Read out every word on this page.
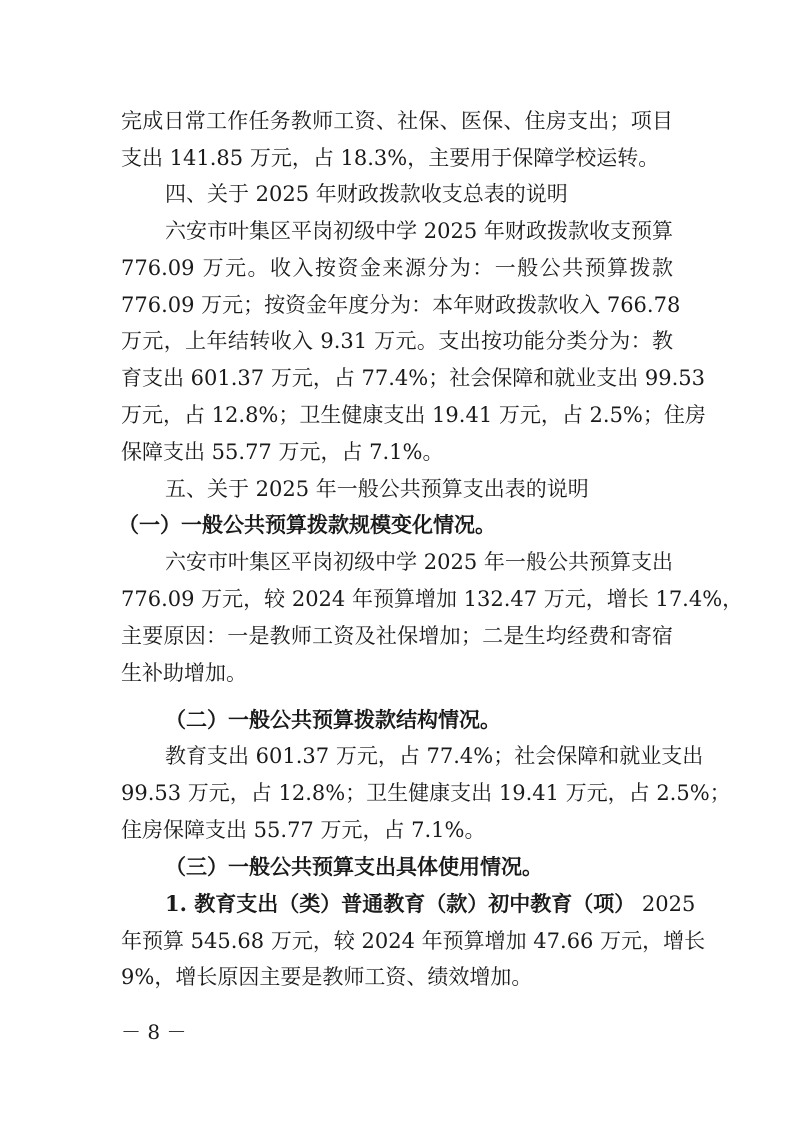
完成日常工作任务教师工资、社保、医保、住房支出；项目
支出 141.85 万元，占 18.3%，主要用于保障学校运转。
四、关于 2025 年财政拨款收支总表的说明
六安市叶集区平岗初级中学 2025 年财政拨款收支预算
776.09 万元。收入按资金来源分为：一般公共预算拨款
776.09 万元；按资金年度分为：本年财政拨款收入 766.78
万元，上年结转收入 9.31 万元。支出按功能分类分为：教
育支出 601.37 万元，占 77.4%；社会保障和就业支出 99.53
万元，占 12.8%；卫生健康支出 19.41 万元，占 2.5%；住房
保障支出 55.77 万元，占 7.1%。
五、关于 2025 年一般公共预算支出表的说明
（一）一般公共预算拨款规模变化情况。
六安市叶集区平岗初级中学 2025 年一般公共预算支出
776.09 万元，较 2024 年预算增加 132.47 万元，增长 17.4%，
主要原因：一是教师工资及社保增加；二是生均经费和寄宿
生补助增加。
（二）一般公共预算拨款结构情况。
教育支出 601.37 万元，占 77.4%；社会保障和就业支出
99.53 万元，占 12.8%；卫生健康支出 19.41 万元，占 2.5%；
住房保障支出 55.77 万元，占 7.1%。
（三）一般公共预算支出具体使用情况。
1. 教育支出（类）普通教育（款）初中教育（项） 2025
年预算 545.68 万元，较 2024 年预算增加 47.66 万元，增长
9%，增长原因主要是教师工资、绩效增加。
－ 8 －
